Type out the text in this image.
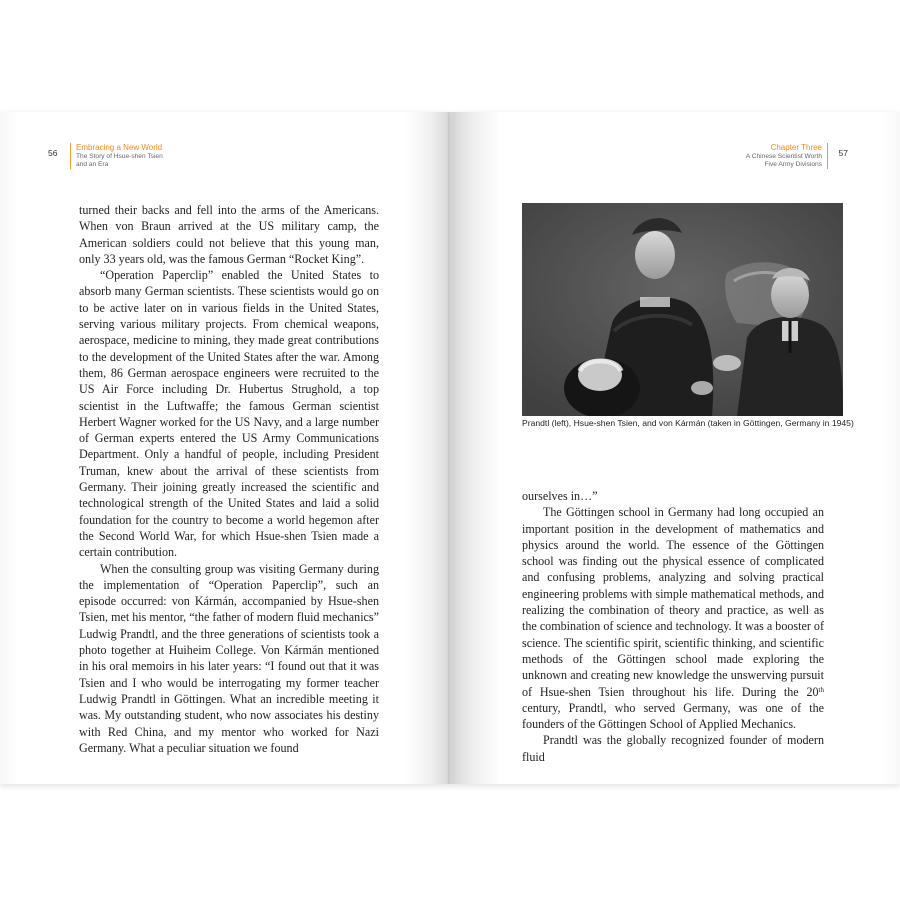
56
Embracing a New World
The Story of Hsue-shen Tsien
and an Era

turned their backs and fell into the arms of the Americans. When von Braun arrived at the US military camp, the American soldiers could not believe that this young man, only 33 years old, was the famous German “Rocket King”.

“Operation Paperclip” enabled the United States to absorb many German scientists. These scientists would go on to be active later on in various fields in the United States, serving various military projects. From chemical weapons, aerospace, medicine to mining, they made great contributions to the development of the United States after the war. Among them, 86 German aerospace engineers were recruited to the US Air Force including Dr. Hubertus Strughold, a top scientist in the Luftwaffe; the famous German scientist Herbert Wagner worked for the US Navy, and a large number of German experts entered the US Army Communications Department. Only a handful of people, including President Truman, knew about the arrival of these scientists from Germany. Their joining greatly increased the scientific and technological strength of the United States and laid a solid foundation for the country to become a world hegemon after the Second World War, for which Hsue-shen Tsien made a certain contribution.

When the consulting group was visiting Germany during the implementation of “Operation Paperclip”, such an episode occurred: von Kármán, accompanied by Hsue-shen Tsien, met his mentor, “the father of modern fluid mechanics” Ludwig Prandtl, and the three generations of scientists took a photo together at Huiheim College. Von Kármán mentioned in his oral memoirs in his later years: “I found out that it was Tsien and I who would be interrogating my former teacher Ludwig Prandtl in Göttingen. What an incredible meeting it was. My outstanding student, who now associates his destiny with Red China, and my mentor who worked for Nazi Germany. What a peculiar situation we found

Chapter Three
A Chinese Scientist Worth
Five Army Divisions
57
Prandtl (left), Hsue-shen Tsien, and von Kármán (taken in Göttingen, Germany in 1945)

ourselves in…”

The Göttingen school in Germany had long occupied an important position in the development of mathematics and physics around the world. The essence of the Göttingen school was finding out the physical essence of complicated and confusing problems, analyzing and solving practical engineering problems with simple mathematical methods, and realizing the combination of theory and practice, as well as the combination of science and technology. It was a booster of science. The scientific spirit, scientific thinking, and scientific methods of the Göttingen school made exploring the unknown and creating new knowledge the unswerving pursuit of Hsue-shen Tsien throughout his life. During the 20th century, Prandtl, who served Germany, was one of the founders of the Göttingen School of Applied Mechanics.

Prandtl was the globally recognized founder of modern fluid
